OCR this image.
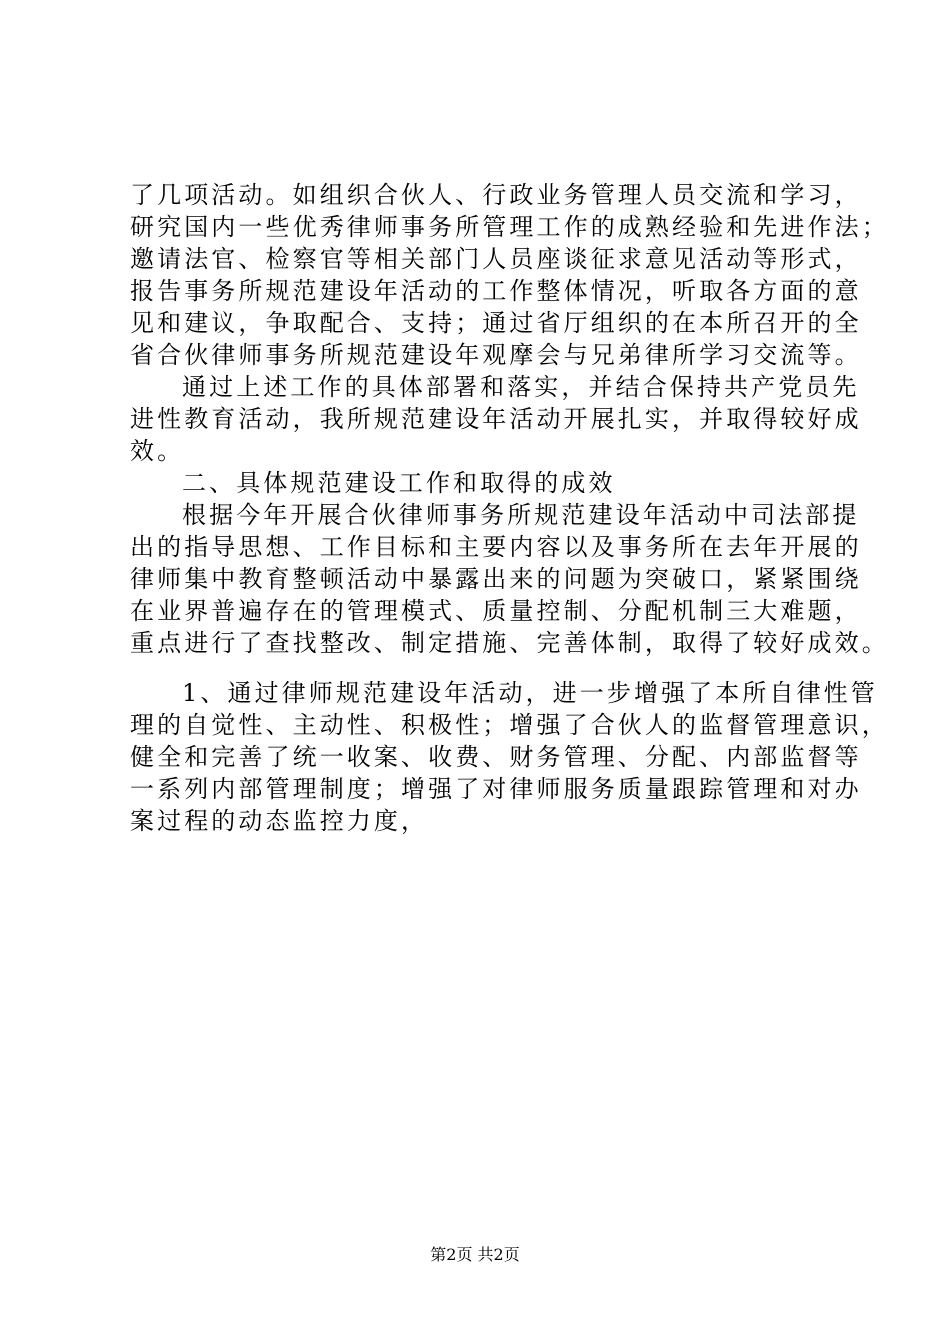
了几项活动。如组织合伙人、行政业务管理人员交流和学习，
研究国内一些优秀律师事务所管理工作的成熟经验和先进作法；
邀请法官、检察官等相关部门人员座谈征求意见活动等形式，
报告事务所规范建设年活动的工作整体情况，听取各方面的意
见和建议，争取配合、支持；通过省厅组织的在本所召开的全
省合伙律师事务所规范建设年观摩会与兄弟律所学习交流等。
通过上述工作的具体部署和落实，并结合保持共产党员先
进性教育活动，我所规范建设年活动开展扎实，并取得较好成
效。
二、具体规范建设工作和取得的成效
根据今年开展合伙律师事务所规范建设年活动中司法部提
出的指导思想、工作目标和主要内容以及事务所在去年开展的
律师集中教育整顿活动中暴露出来的问题为突破口，紧紧围绕
在业界普遍存在的管理模式、质量控制、分配机制三大难题，
重点进行了查找整改、制定措施、完善体制，取得了较好成效。
1、通过律师规范建设年活动，进一步增强了本所自律性管
理的自觉性、主动性、积极性；增强了合伙人的监督管理意识，
健全和完善了统一收案、收费、财务管理、分配、内部监督等
一系列内部管理制度；增强了对律师服务质量跟踪管理和对办
案过程的动态监控力度，
第2页 共2页
